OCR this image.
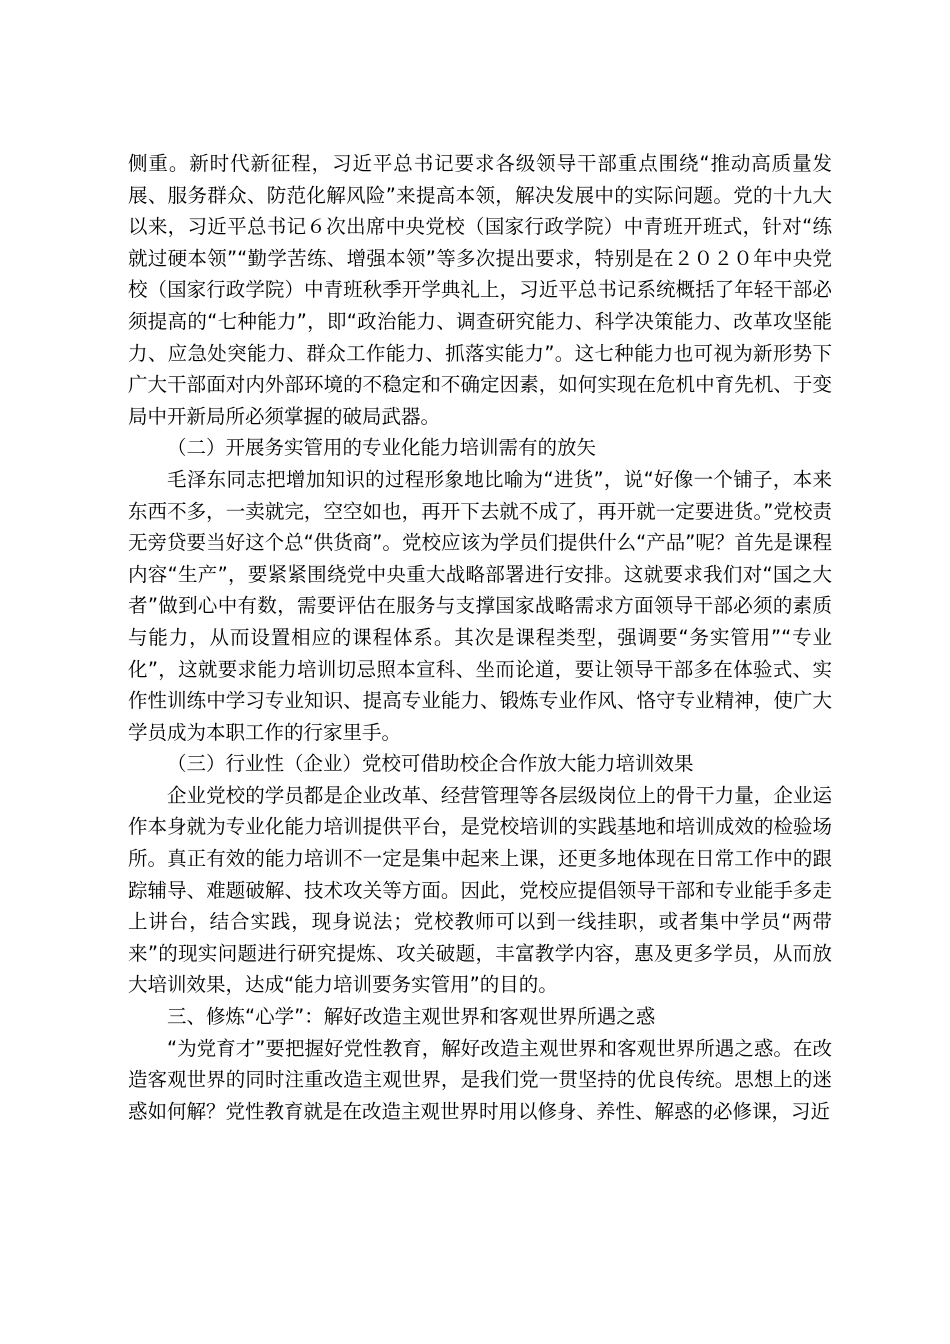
侧重。新时代新征程，习近平总书记要求各级领导干部重点围绕“推动高质量发展、服务群众、防范化解风险”来提高本领，解决发展中的实际问题。党的十九大以来，习近平总书记６次出席中央党校（国家行政学院）中青班开班式，针对“练就过硬本领”“勤学苦练、增强本领”等多次提出要求，特别是在２０２０年中央党校（国家行政学院）中青班秋季开学典礼上，习近平总书记系统概括了年轻干部必须提高的“七种能力”，即“政治能力、调查研究能力、科学决策能力、改革攻坚能力、应急处突能力、群众工作能力、抓落实能力”。这七种能力也可视为新形势下广大干部面对内外部环境的不稳定和不确定因素，如何实现在危机中育先机、于变局中开新局所必须掌握的破局武器。

（二）开展务实管用的专业化能力培训需有的放矢

毛泽东同志把增加知识的过程形象地比喻为“进货”，说“好像一个铺子，本来东西不多，一卖就完，空空如也，再开下去就不成了，再开就一定要进货。”党校责无旁贷要当好这个总“供货商”。党校应该为学员们提供什么“产品”呢？首先是课程内容“生产”，要紧紧围绕党中央重大战略部署进行安排。这就要求我们对“国之大者”做到心中有数，需要评估在服务与支撑国家战略需求方面领导干部必须的素质与能力，从而设置相应的课程体系。其次是课程类型，强调要“务实管用”“专业化”，这就要求能力培训切忌照本宣科、坐而论道，要让领导干部多在体验式、实作性训练中学习专业知识、提高专业能力、锻炼专业作风、恪守专业精神，使广大学员成为本职工作的行家里手。

（三）行业性（企业）党校可借助校企合作放大能力培训效果

企业党校的学员都是企业改革、经营管理等各层级岗位上的骨干力量，企业运作本身就为专业化能力培训提供平台，是党校培训的实践基地和培训成效的检验场所。真正有效的能力培训不一定是集中起来上课，还更多地体现在日常工作中的跟踪辅导、难题破解、技术攻关等方面。因此，党校应提倡领导干部和专业能手多走上讲台，结合实践，现身说法；党校教师可以到一线挂职，或者集中学员“两带来”的现实问题进行研究提炼、攻关破题，丰富教学内容，惠及更多学员，从而放大培训效果，达成“能力培训要务实管用”的目的。

三、修炼“心学”：解好改造主观世界和客观世界所遇之惑

“为党育才”要把握好党性教育，解好改造主观世界和客观世界所遇之惑。在改造客观世界的同时注重改造主观世界，是我们党一贯坚持的优良传统。思想上的迷惑如何解？党性教育就是在改造主观世界时用以修身、养性、解惑的必修课，习近
